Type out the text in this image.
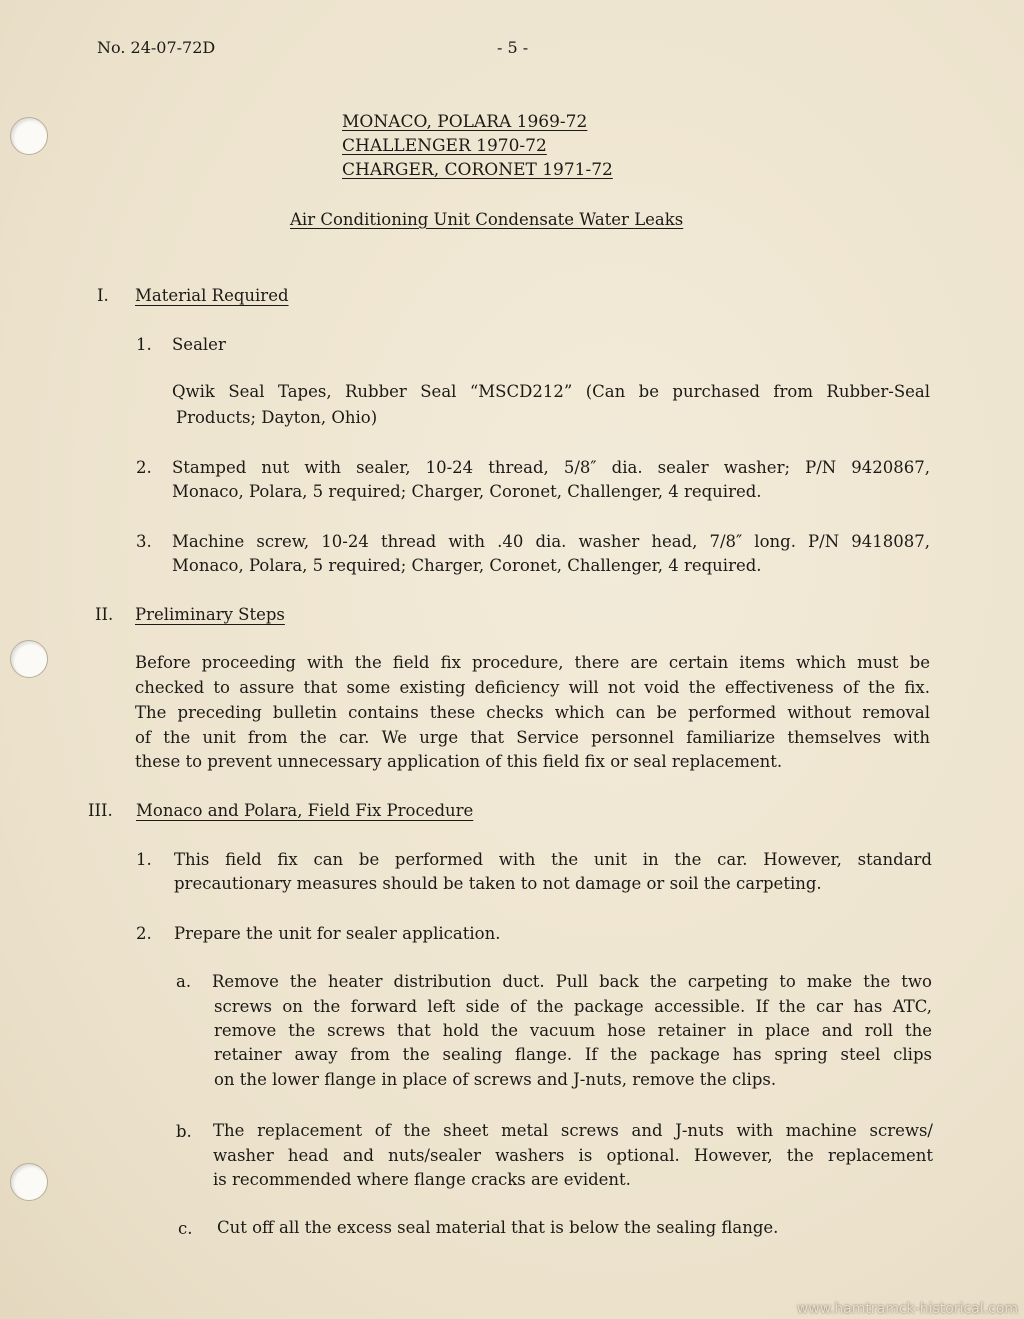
No. 24-07-72D	- 5 -
MONACO, POLARA 1969-72
CHALLENGER 1970-72
CHARGER, CORONET 1971-72
Air Conditioning Unit Condensate Water Leaks
I. Material Required
1. Sealer
Qwik Seal Tapes, Rubber Seal “MSCD212” (Can be purchased from Rubber-Seal
Products; Dayton, Ohio)
2. Stamped nut with sealer, 10-24 thread, 5/8″ dia. sealer washer; P/N 9420867,
Monaco, Polara, 5 required; Charger, Coronet, Challenger, 4 required.
3. Machine screw, 10-24 thread with .40 dia. washer head, 7/8″ long. P/N 9418087,
Monaco, Polara, 5 required; Charger, Coronet, Challenger, 4 required.
II. Preliminary Steps
Before proceeding with the field fix procedure, there are certain items which must be
checked to assure that some existing deficiency will not void the effectiveness of the fix.
The preceding bulletin contains these checks which can be performed without removal
of the unit from the car. We urge that Service personnel familiarize themselves with
these to prevent unnecessary application of this field fix or seal replacement.
III. Monaco and Polara, Field Fix Procedure
1. This field fix can be performed with the unit in the car. However, standard
precautionary measures should be taken to not damage or soil the carpeting.
2. Prepare the unit for sealer application.
a. Remove the heater distribution duct. Pull back the carpeting to make the two
screws on the forward left side of the package accessible. If the car has ATC,
remove the screws that hold the vacuum hose retainer in place and roll the
retainer away from the sealing flange. If the package has spring steel clips
on the lower flange in place of screws and J-nuts, remove the clips.
b. The replacement of the sheet metal screws and J-nuts with machine screws/
washer head and nuts/sealer washers is optional. However, the replacement
is recommended where flange cracks are evident.
c. Cut off all the excess seal material that is below the sealing flange.
www.hamtramck-historical.com
